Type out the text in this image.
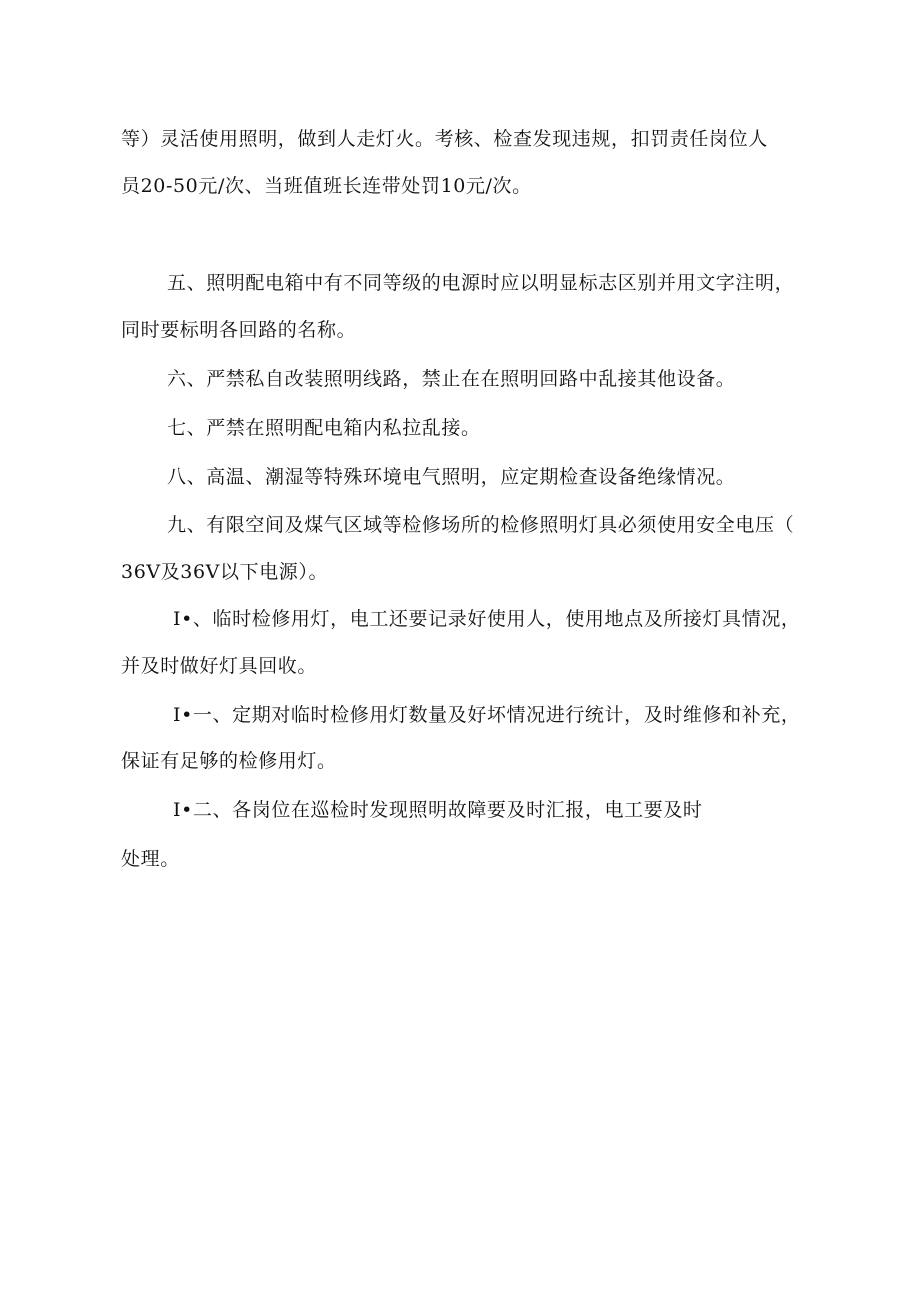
等）灵活使用照明，做到人走灯火。考核、检查发现违规，扣罚责任岗位人
员20-50元/次、当班值班长连带处罚10元/次。
五、照明配电箱中有不同等级的电源时应以明显标志区别并用文字注明，
同时要标明各回路的名称。
六、严禁私自改装照明线路，禁止在在照明回路中乱接其他设备。
七、严禁在照明配电箱内私拉乱接。
八、高温、潮湿等特殊环境电气照明，应定期检查设备绝缘情况。
九、有限空间及煤气区域等检修场所的检修照明灯具必须使用安全电压（
36V及36V以下电源）。
I•、临时检修用灯，电工还要记录好使用人，使用地点及所接灯具情况，
并及时做好灯具回收。
I•一、定期对临时检修用灯数量及好坏情况进行统计，及时维修和补充，
保证有足够的检修用灯。
I•二、各岗位在巡检时发现照明故障要及时汇报，电工要及时
处理。
